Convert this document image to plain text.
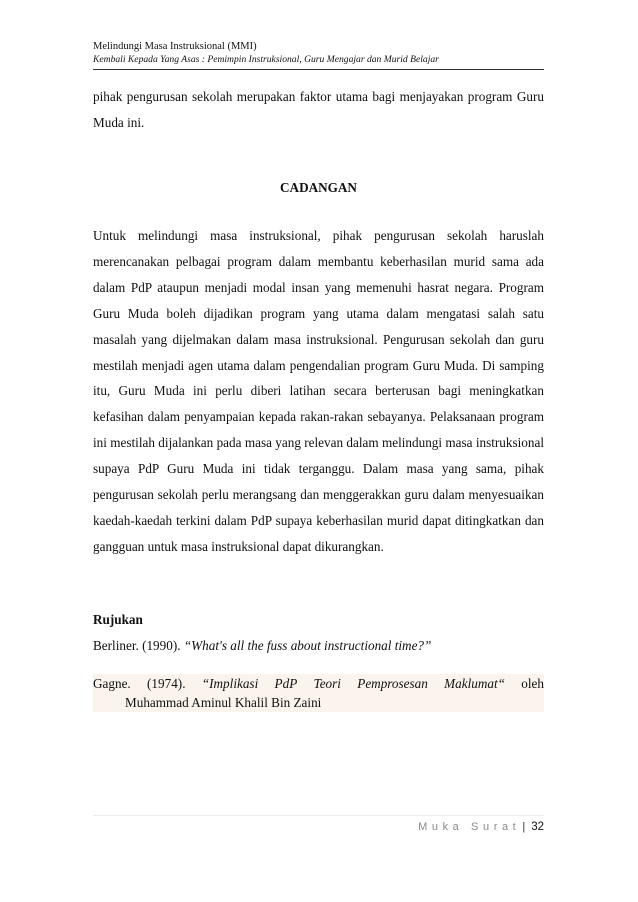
Melindungi Masa Instruksional (MMI)
Kembali Kepada Yang Asas : Pemimpin Instruksional, Guru Mengajar dan Murid Belajar
pihak pengurusan sekolah merupakan faktor utama bagi menjayakan program Guru Muda ini.
CADANGAN
Untuk melindungi masa instruksional, pihak pengurusan sekolah haruslah merencanakan pelbagai program dalam membantu keberhasilan murid sama ada dalam PdP ataupun menjadi modal insan yang memenuhi hasrat negara. Program Guru Muda boleh dijadikan program yang utama dalam mengatasi salah satu masalah yang dijelmakan dalam masa instruksional. Pengurusan sekolah dan guru mestilah menjadi agen utama dalam pengendalian program Guru Muda. Di samping itu, Guru Muda ini perlu diberi latihan secara berterusan bagi meningkatkan kefasihan dalam penyampaian kepada rakan-rakan sebayanya. Pelaksanaan program ini mestilah dijalankan pada masa yang relevan dalam melindungi masa instruksional supaya PdP Guru Muda ini tidak terganggu. Dalam masa yang sama, pihak pengurusan sekolah perlu merangsang dan menggerakkan guru dalam menyesuaikan kaedah-kaedah terkini dalam PdP supaya keberhasilan murid dapat ditingkatkan dan gangguan untuk masa instruksional dapat dikurangkan.
Rujukan
Berliner. (1990). “What's all the fuss about instructional time?”
Gagne. (1974). “Implikasi PdP Teori Pemprosesan Maklumat“ oleh
Muhammad Aminul Khalil Bin Zaini
Muka Surat | 32
